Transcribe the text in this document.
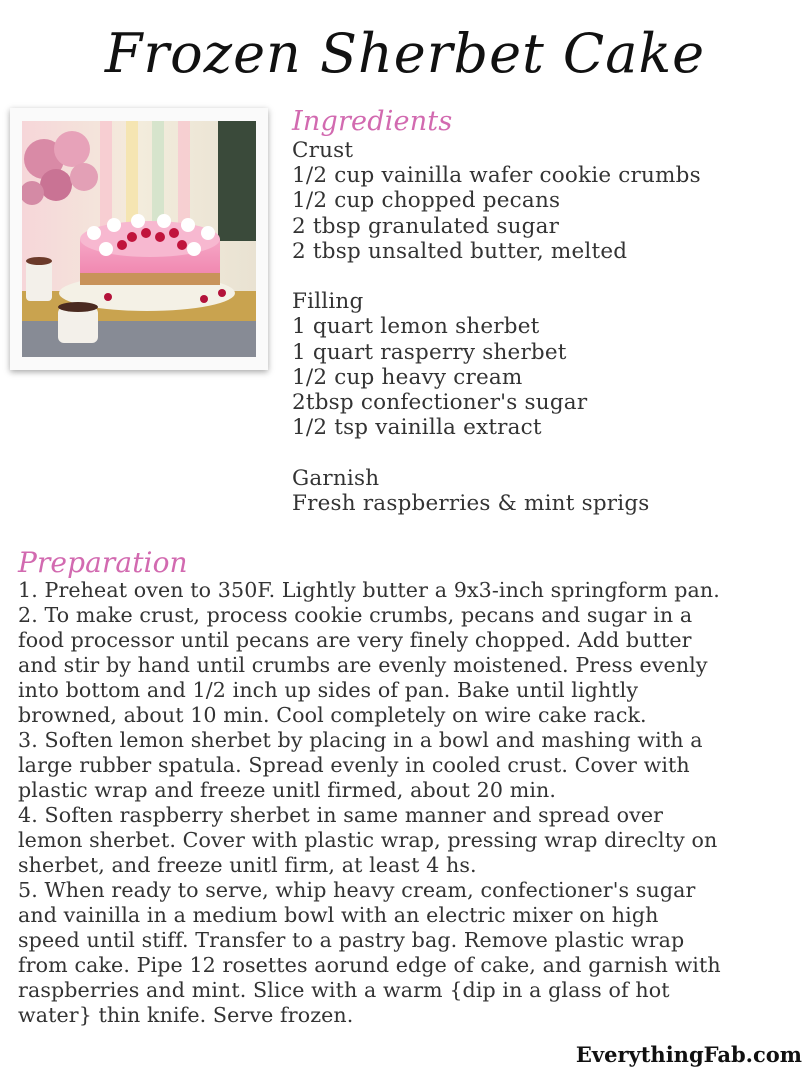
Frozen Sherbet Cake
Ingredients
Crust
1/2 cup vainilla wafer cookie crumbs
1/2 cup chopped pecans
2 tbsp granulated sugar
2 tbsp unsalted butter, melted
Filling
1 quart lemon sherbet
1 quart rasperry sherbet
1/2 cup heavy cream
2tbsp confectioner's sugar
1/2 tsp vainilla extract
Garnish
Fresh raspberries & mint sprigs
Preparation
1. Preheat oven to 350F. Lightly butter a 9x3-inch springform pan.
2. To make crust, process cookie crumbs, pecans and sugar in a
food processor until pecans are very finely chopped. Add butter
and stir by hand until crumbs are evenly moistened. Press evenly
into bottom and 1/2 inch up sides of pan. Bake until lightly
browned, about 10 min. Cool completely on wire cake rack.
3. Soften lemon sherbet by placing in a bowl and mashing with a
large rubber spatula. Spread evenly in cooled crust. Cover with
plastic wrap and freeze unitl firmed, about 20 min.
4. Soften raspberry sherbet in same manner and spread over
lemon sherbet. Cover with plastic wrap, pressing wrap direclty on
sherbet, and freeze unitl firm, at least 4 hs.
5. When ready to serve, whip heavy cream, confectioner's sugar
and vainilla in a medium bowl with an electric mixer on high
speed until stiff. Transfer to a pastry bag. Remove plastic wrap
from cake. Pipe 12 rosettes aorund edge of cake, and garnish with
raspberries and mint. Slice with a warm {dip in a glass of hot
water} thin knife. Serve frozen.
EverythingFab.com
